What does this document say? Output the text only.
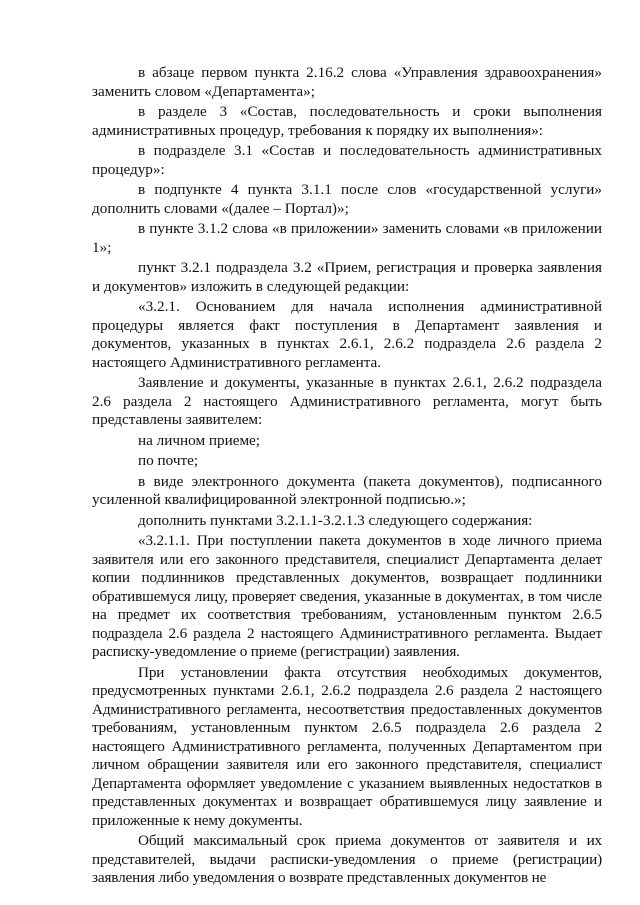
в абзаце первом пункта 2.16.2 слова «Управления здравоохранения» заменить словом «Департамента»;

в разделе 3 «Состав, последовательность и сроки выполнения административных процедур, требования к порядку их выполнения»:

в подразделе 3.1 «Состав и последовательность административных процедур»:

в подпункте 4 пункта 3.1.1 после слов «государственной услуги» дополнить словами «(далее – Портал)»;

в пункте 3.1.2 слова «в приложении» заменить словами «в приложении 1»;

пункт 3.2.1 подраздела 3.2 «Прием, регистрация и проверка заявления и документов» изложить в следующей редакции:

«3.2.1. Основанием для начала исполнения административной процедуры является факт поступления в Департамент заявления и документов, указанных в пунктах 2.6.1, 2.6.2 подраздела 2.6 раздела 2 настоящего Административного регламента.

Заявление и документы, указанные в пунктах 2.6.1, 2.6.2 подраздела 2.6 раздела 2 настоящего Административного регламента, могут быть представлены заявителем:

на личном приеме;

по почте;

в виде электронного документа (пакета документов), подписанного усиленной квалифицированной электронной подписью.»;

дополнить пунктами 3.2.1.1-3.2.1.3 следующего содержания:

«3.2.1.1. При поступлении пакета документов в ходе личного приема заявителя или его законного представителя, специалист Департамента делает копии подлинников представленных документов, возвращает подлинники обратившемуся лицу, проверяет сведения, указанные в документах, в том числе на предмет их соответствия требованиям, установленным пунктом 2.6.5 подраздела 2.6 раздела 2 настоящего Административного регламента. Выдает расписку-уведомление о приеме (регистрации) заявления.

При установлении факта отсутствия необходимых документов, предусмотренных пунктами 2.6.1, 2.6.2 подраздела 2.6 раздела 2 настоящего Административного регламента, несоответствия предоставленных документов требованиям, установленным пунктом 2.6.5 подраздела 2.6 раздела 2 настоящего Административного регламента, полученных Департаментом при личном обращении заявителя или его законного представителя, специалист Департамента оформляет уведомление с указанием выявленных недостатков в представленных документах и возвращает обратившемуся лицу заявление и приложенные к нему документы.

Общий максимальный срок приема документов от заявителя и их представителей, выдачи расписки-уведомления о приеме (регистрации) заявления либо уведомления о возврате представленных документов не
